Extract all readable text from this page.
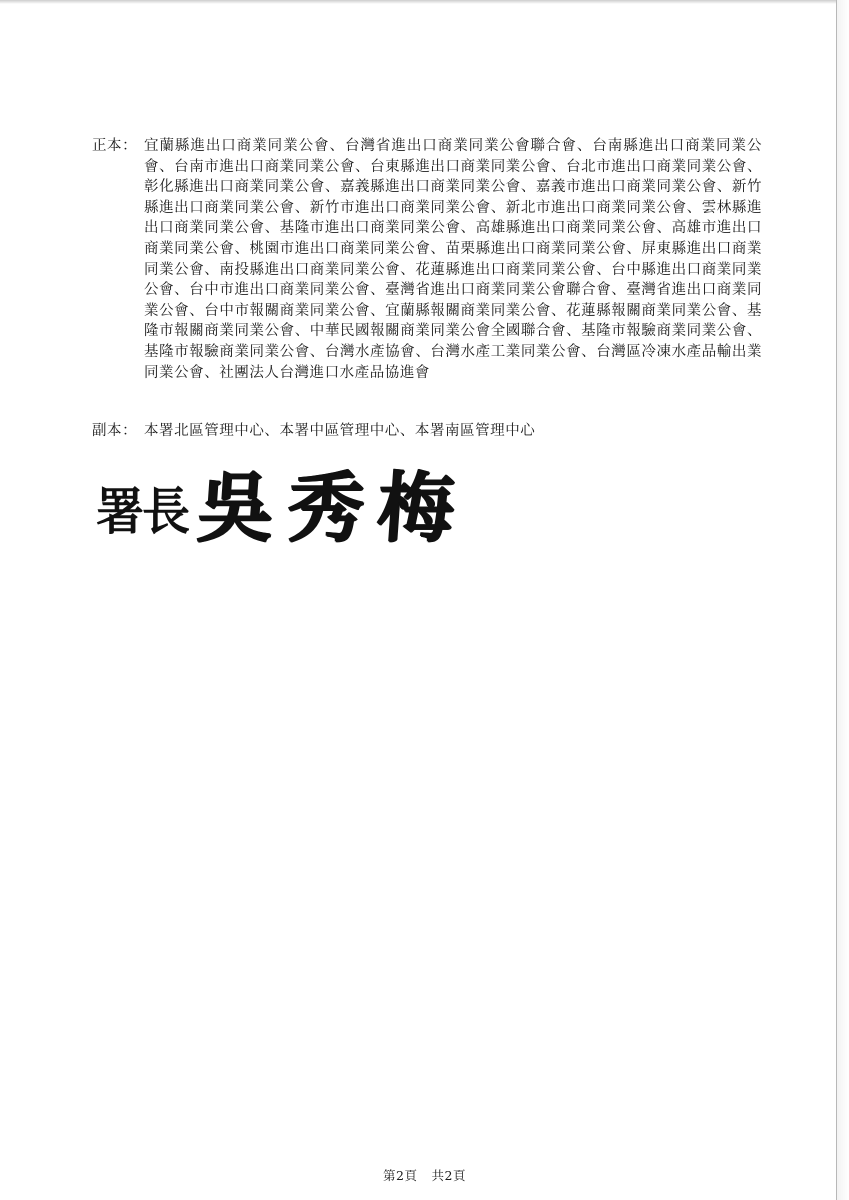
正本： 宜蘭縣進出口商業同業公會、台灣省進出口商業同業公會聯合會、台南縣進出口商業同業公會、台南市進出口商業同業公會、台東縣進出口商業同業公會、台北市進出口商業同業公會、彰化縣進出口商業同業公會、嘉義縣進出口商業同業公會、嘉義市進出口商業同業公會、新竹縣進出口商業同業公會、新竹市進出口商業同業公會、新北市進出口商業同業公會、雲林縣進出口商業同業公會、基隆市進出口商業同業公會、高雄縣進出口商業同業公會、高雄市進出口商業同業公會、桃園市進出口商業同業公會、苗栗縣進出口商業同業公會、屏東縣進出口商業同業公會、南投縣進出口商業同業公會、花蓮縣進出口商業同業公會、台中縣進出口商業同業公會、台中市進出口商業同業公會、臺灣省進出口商業同業公會聯合會、臺灣省進出口商業同業公會、台中市報關商業同業公會、宜蘭縣報關商業同業公會、花蓮縣報關商業同業公會、基隆市報關商業同業公會、中華民國報關商業同業公會全國聯合會、基隆市報驗商業同業公會、基隆市報驗商業同業公會、台灣水產協會、台灣水產工業同業公會、台灣區冷凍水產品輸出業同業公會、社團法人台灣進口水產品協進會
副本： 本署北區管理中心、本署中區管理中心、本署南區管理中心
署長 吳秀梅
第2頁 共2頁
